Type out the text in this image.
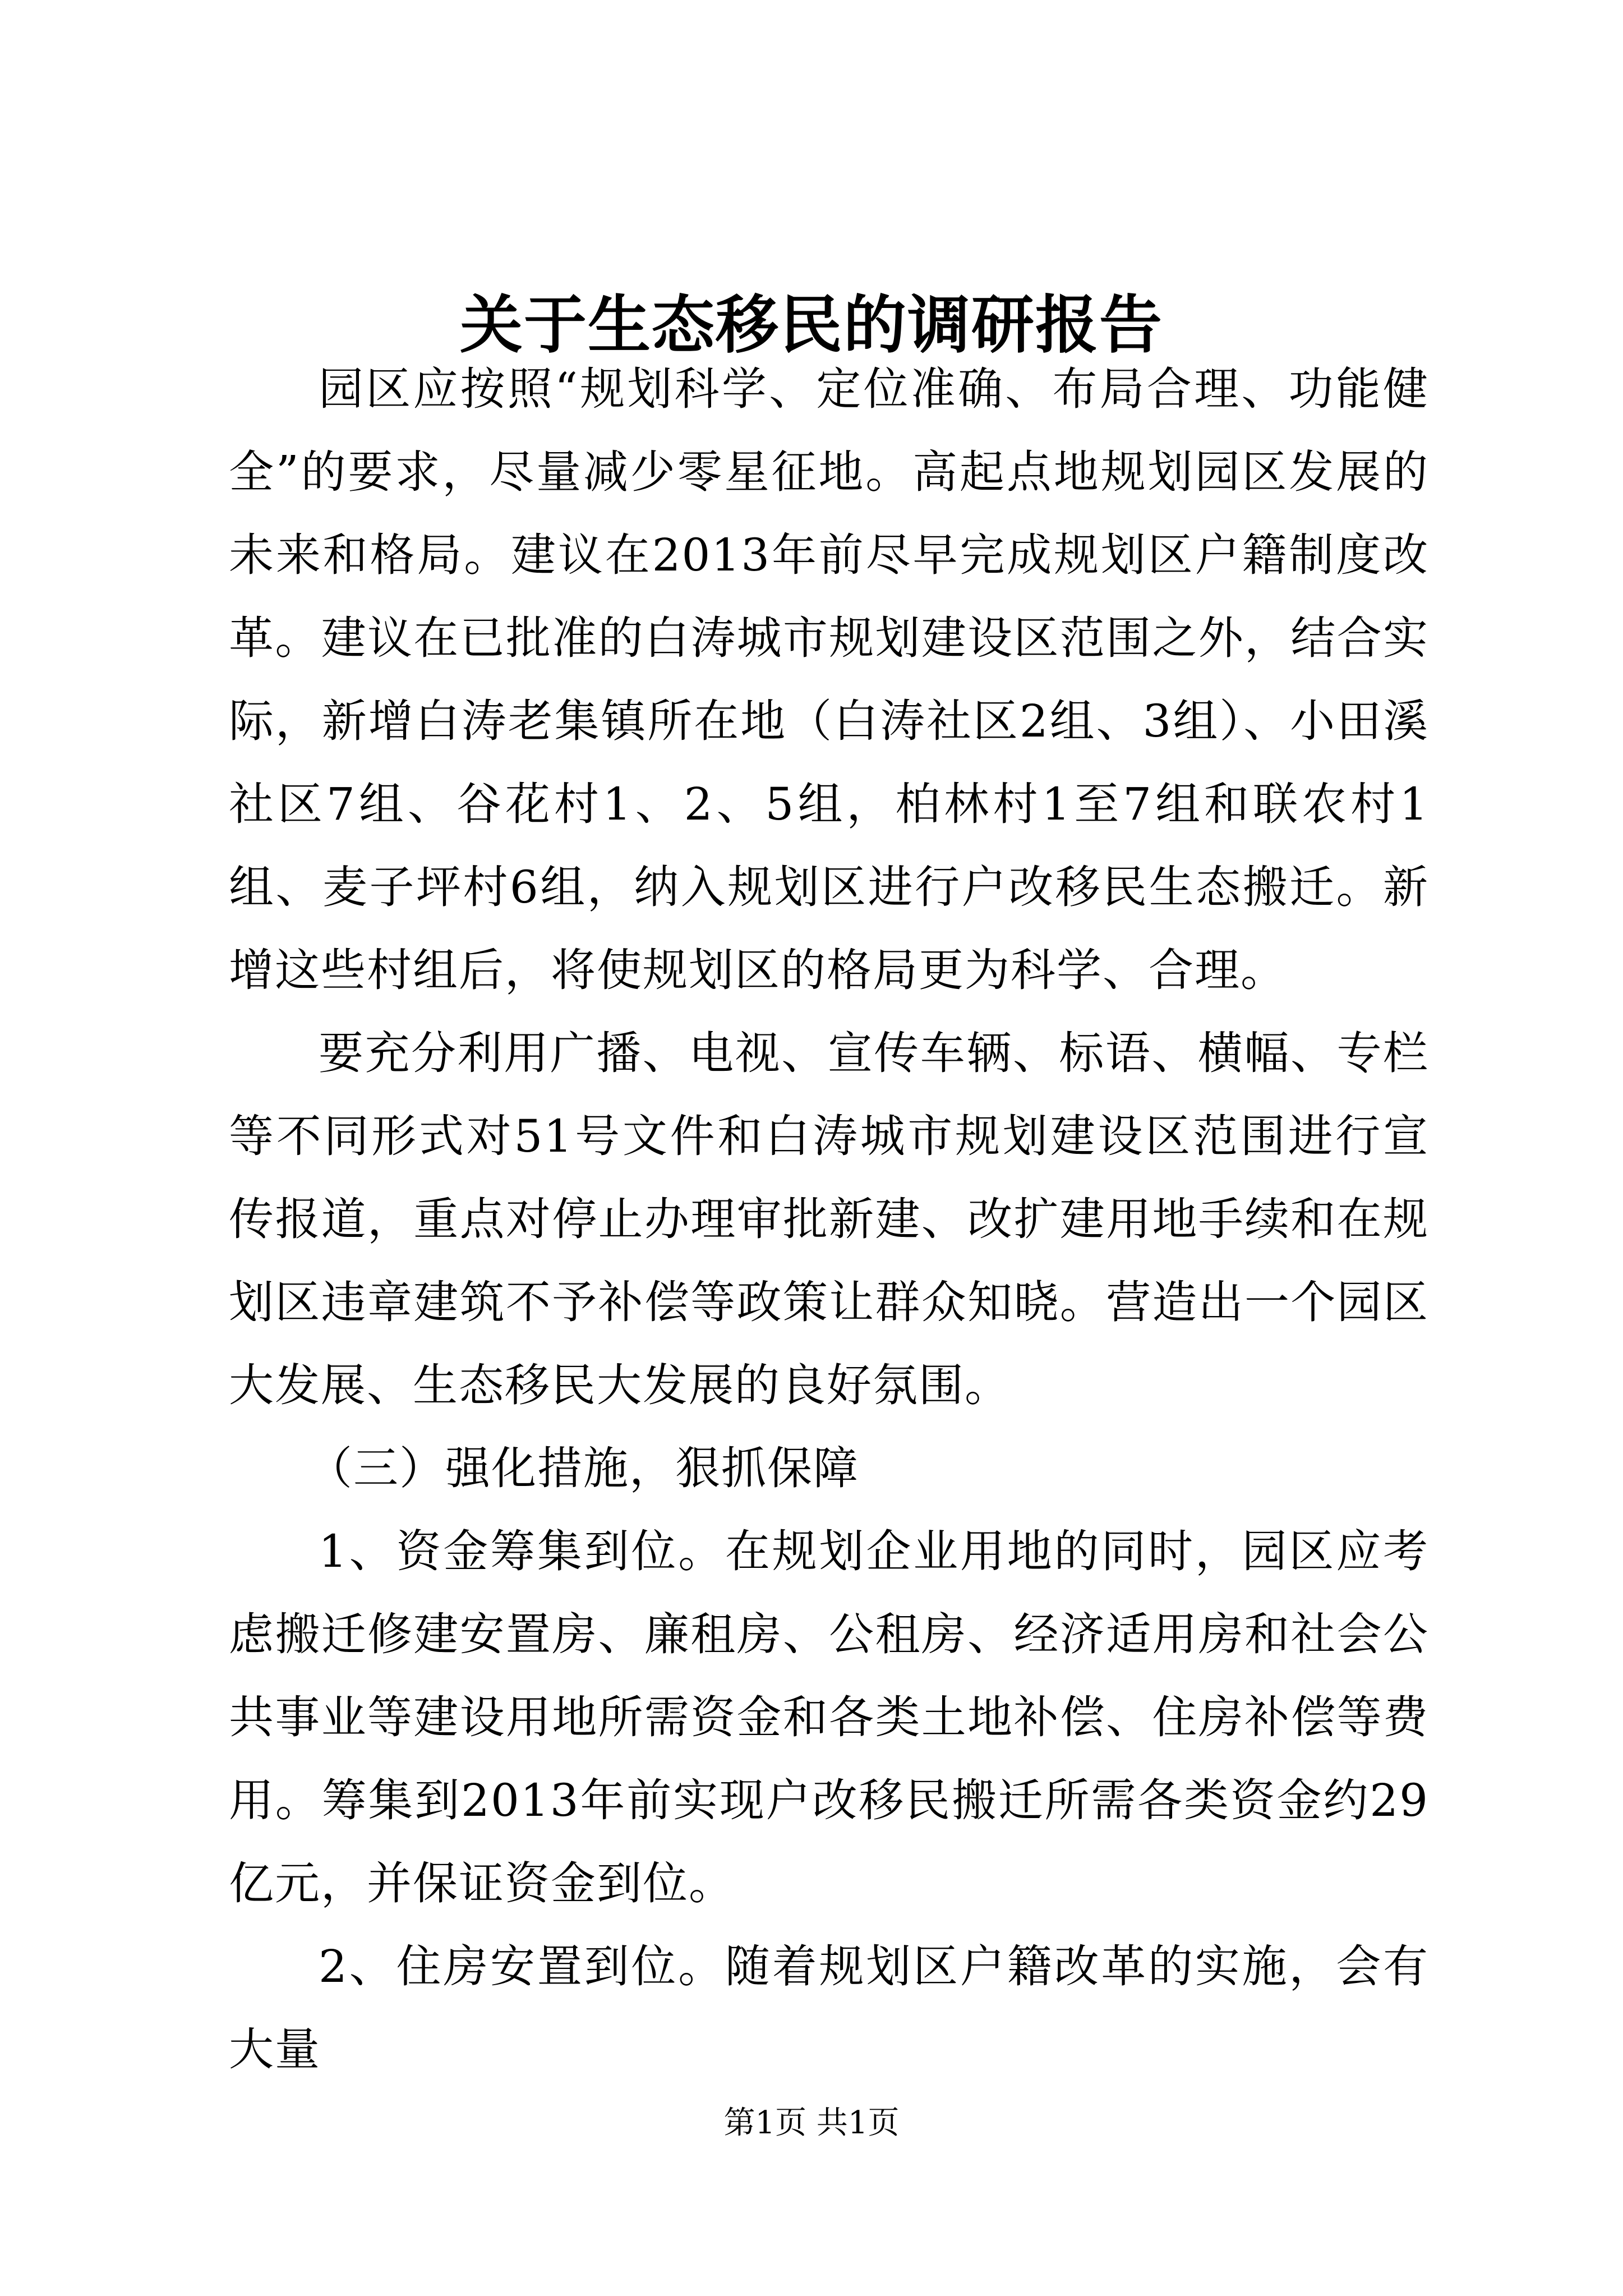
关于生态移民的调研报告

园区应按照“规划科学、定位准确、布局合理、功能健全”的要求，尽量减少零星征地。高起点地规划园区发展的未来和格局。建议在2013年前尽早完成规划区户籍制度改革。建议在已批准的白涛城市规划建设区范围之外，结合实际，新增白涛老集镇所在地（白涛社区2组、3组）、小田溪社区7组、谷花村1、2、5组，柏林村1至7组和联农村1组、麦子坪村6组，纳入规划区进行户改移民生态搬迁。新增这些村组后，将使规划区的格局更为科学、合理。

要充分利用广播、电视、宣传车辆、标语、横幅、专栏等不同形式对51号文件和白涛城市规划建设区范围进行宣传报道，重点对停止办理审批新建、改扩建用地手续和在规划区违章建筑不予补偿等政策让群众知晓。营造出一个园区大发展、生态移民大发展的良好氛围。

（三）强化措施，狠抓保障

1、资金筹集到位。在规划企业用地的同时，园区应考虑搬迁修建安置房、廉租房、公租房、经济适用房和社会公共事业等建设用地所需资金和各类土地补偿、住房补偿等费用。筹集到2013年前实现户改移民搬迁所需各类资金约29亿元，并保证资金到位。

2、住房安置到位。随着规划区户籍改革的实施，会有大量

第1页 共1页
